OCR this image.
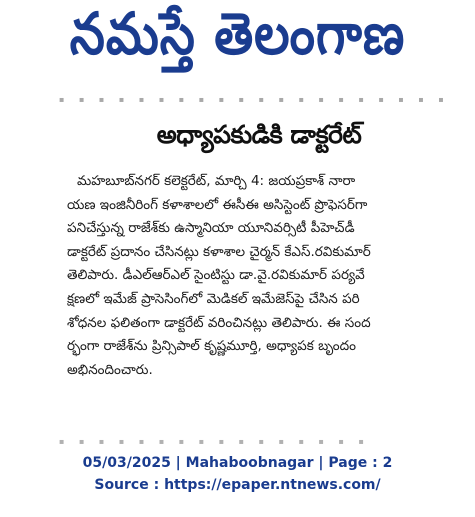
నమస్తే తెలంగాణ
▪ ▪ ▪ ▪ ▪ ▪ ▪ ▪ ▪ ▪ ▪ ▪ ▪ ▪ ▪ ▪ ▪ ▪ ▪ ▪
అధ్యాపకుడికి డాక్టరేట్
మహబూబ్‌నగర్ కలెక్టరేట్, మార్చి 4: జయప్రకాశ్ నారా
యణ ఇంజినీరింగ్ కళాశాలలో ఈసీఈ అసిస్టెంట్ ప్రొఫెసర్‌గా
పనిచేస్తున్న రాజేశ్‌కు ఉస్మానియా యూనివర్సిటీ పీహెచ్‌డీ
డాక్టరేట్ ప్రదానం చేసినట్లు కళాశాల చైర్మన్ కేఎస్.రవికుమార్
తెలిపారు. డీఎల్‌ఆర్‌ఎల్ సైంటిస్టు డా.వై.రవికుమార్ పర్యవే
క్షణలో ఇమేజ్ ప్రాసెసింగ్‌లో మెడికల్ ఇమేజెస్‌పై చేసిన పరి
శోధనల ఫలితంగా డాక్టరేట్ వరించినట్లు తెలిపారు. ఈ సంద
ర్భంగా రాజేశ్‌ను ప్రిన్సిపాల్ కృష్ణమూర్తి, అధ్యాపక బృందం
అభినందించారు.
▪ ▪ ▪ ▪ ▪ ▪ ▪ ▪ ▪ ▪ ▪ ▪ ▪ ▪ ▪ ▪
05/03/2025 | Mahaboobnagar | Page : 2
Source : https://epaper.ntnews.com/
